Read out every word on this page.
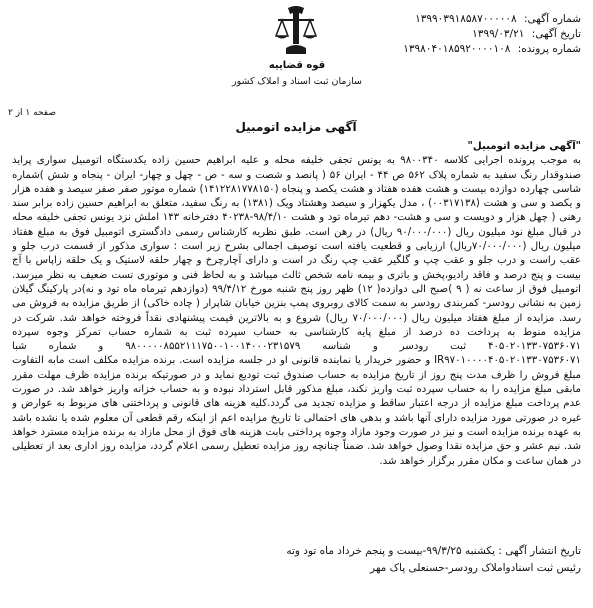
شماره آگهی: ۱۳۹۹۰۳۹۱۸۵۸۷۰۰۰۰۰۸
تاریخ آگهی: ۱۳۹۹/۰۳/۲۱
شماره پرونده: ۱۳۹۸۰۴۰۱۸۵۹۲۰۰۰۰۱۰۸
قوه قضاییه
سازمان ثبت اسناد و املاک کشور
صفحه ۱ از ۲
آگهی مزایده اتومبیل
"آگهی مزایده اتومبیل"
به موجب پرونده اجرایی کلاسه ۹۸۰۰۳۴۰ به یونس تجفی خلیفه محله و علیه ابراهیم حسین زاده یکدستگاه اتومبیل سواری پراید صندوقدار رنگ سفید به شماره پلاک ۵۶۲ ص ۴۴ - ایران ۵۶ ( پانصد و شصت و سه - ص - چهل و چهار- ایران - پنجاه و شش )شماره شاسی چهارده دوازده بیست و هشت هفده هفتاد و هشت یکصد و پنجاه (۱۴۱۲۲۸۱۷۷۸۱۵۰) شماره موتور صفر صفر سیصد و هفده هزار و یکصد و سی و هشت (۰۰۳۱۷۱۳۸) ، مدل یکهزار و سیصد وهشتاد ویک (۱۳۸۱) به رنگ سفید، متعلق به ابراهیم حسین زاده برابر سند رهنی ( چهل هزار و دویست و سی و هشت- دهم تیرماه تود و هشت ۹۸/۴/۱۰-۴۰۲۳۸ دفترخانه ۱۴۳ املش نزد یونس تجفی خلیفه محله در قبال مبلغ نود میلیون ریال (۹۰/۰۰۰/۰۰۰ ریال) در رهن است. طبق نظریه کارشناس رسمی دادگستری اتومبیل فوق به مبلغ هفتاد میلیون ریال (۷۰/۰۰۰/۰۰۰ریال) ارزیابی و قطعیت یافته است توصیف اجمالی بشرح زیر است : سواری مذکور از قسمت درب جلو و عقب راست و درب جلو و عقب چپ و گلگیر عقب چپ رنگ در است و دارای آچارچرخ و چهار حلقه لاستیک و یک حلقه زاپاس با آج بیست و پنج درصد و فاقد رادیو،پخش و باتری و بیمه نامه شخص ثالث میباشد و به لحاظ فنی و موتوری تست ضعیف به نظر میرسد. اتومبیل فوق از ساعت نه ( ۹ )صبح الی دوازده( ۱۲) ظهر روز پنج شنبه مورخ ۹۹/۴/۱۲ (دوازدهم تیرماه ماه تود و نه)در پارکینگ گیلان زمین به نشانی رودسر- کمربندی رودسر به سمت کالای روبروی پمپ بنزین خیابان شاپرار ( چاده خاکی) از طریق مزایده به فروش می رسد. مزایده از مبلغ هفتاد میلیون ریال (۷۰/۰۰۰/۰۰۰ ریال) شروع و به بالاترین قیمت پیشنهادی نقداً فروخته خواهد شد. شرکت در مزایده منوط به پرداخت ده درصد از مبلغ پایه کارشناسی به حساب سپرده ثبت به شماره حساب تمرکز وجوه سپرده ۴۰۵۰۲۰۱۳۳۰۷۵۳۶۰۷۱ ثبت رودسر و شناسه ۹۸۰۰۰۰۰۸۵۵۲۱۱۱۷۵۰۰۱۰۰۱۴۰۰۰۲۳۱۵۷۹ و شماره شبا IR۹۷۰۱۰۰۰۰۴۰۵۰۲۰۱۳۳۰۷۵۳۶۰۷۱ و حضور خریدار یا نماینده قانونی او در جلسه مزایده است. برنده مزایده مکلف است مابه التفاوت مبلغ فروش را ظرف مدت پنج روز از تاریخ مزایده به حساب صندوق ثبت تودیع نماید و در صورتیکه برنده مزایده ظرف مهلت مقرر مابقی مبلغ مزایده را به حساب سپرده ثبت واریز نکند، مبلغ مذکور قابل استرداد نبوده و به حساب خزانه واریز خواهد شد. در صورت عدم پرداخت مبلغ مزایده از درجه اعتبار ساقط و مزایده تجدید می گردد.کلیه هزینه های قانونی و پرداختنی های مربوط به عوارض و غیره در صورتی مورد مزایده دارای آنها باشد و بدهی های احتمالی تا تاریخ مزایده اعم از اینکه رقم قطعی آن معلوم شده یا نشده باشد به عهده برنده مزایده است و نیز در صورت وجود مازاد وجوه پرداختی بابت هزینه های فوق از محل مازاد به برنده مزایده مسترد خواهد شد. نیم عشر و حق مزایده نقدا وصول خواهد شد. ضمناً چنانچه روز مزایده تعطیل رسمی اعلام گردد، مزایده روز اداری بعد از تعطیلی در همان ساعت و مکان مقرر برگزار خواهد شد.
تاریخ انتشار آگهی : یکشنبه ۹۹/۳/۲۵-بیست و پنجم خرداد ماه تود وته
رئیس ثبت اسنادواملاک رودسر-حسنعلی پاک مهر
